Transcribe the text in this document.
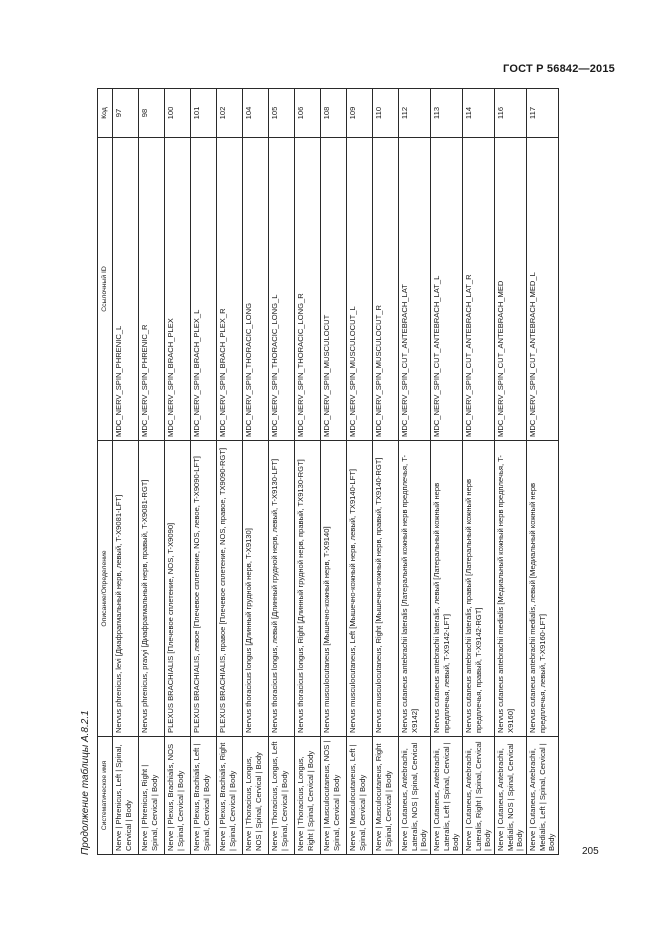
ГОСТ Р 56842—2015
Продолжение таблицы А.8.2.1	Систематическое имя	Описание/Определение	Ссылочный ID	Код
Nerve | Phrenicus, Left | Spinal, Cervical | Body	Nervus phrenicus, levi [Диафрагмальный нерв, левый, T-X9081-LFT]	MDC_NERV_SPIN_PHRENIC_L	97
Nerve | Phrenicus, Right | Spinal, Cervical | Body	Nervus phrenicus, pravyi [Диафрагмальный нерв, правый, T-X9081-RGT]	MDC_NERV_SPIN_PHRENIC_R	98
Nerve | Plexus, Brachialis, NOS | Spinal, Cervical | Body	PLEXUS BRACHIALIS [Плечевое сплетение, NOS, T-X9090]	MDC_NERV_SPIN_BRACH_PLEX	100
Nerve | Plexus, Brachialis, Left | Spinal, Cervical | Body	PLEXUS BRACHIALIS, левое [Плечевое сплетение, NOS, левое, T-X9090-LFT]	MDC_NERV_SPIN_BRACH_PLEX_L	101
Nerve | Plexus, Brachialis, Right | Spinal, Cervical | Body	PLEXUS BRACHIALIS, правое [Плечевое сплетение, NOS, правое, TX9090-RGT]	MDC_NERV_SPIN_BRACH_PLEX_R	102
Nerve | Thoracicus, Longus, NOS | Spinal, Cervical | Body	Nervus thoracicus longus [Длинный грудной нерв, T-X9130]	MDC_NERV_SPIN_THORACIC_LONG	104
Nerve | Thoracicus, Longus, Left | Spinal, Cervical | Body	Nervus thoracicus longus, левый [Длинный грудной нерв, левый, T-X9130-LFT]	MDC_NERV_SPIN_THORACIC_LONG_L	105
Nerve | Thoracicus, Longus, Right | Spinal, Cervical | Body	Nervus thoracicus longus, Right [Длинный грудной нерв, правый, TX9130-RGT]	MDC_NERV_SPIN_THORACIC_LONG_R	106
Nerve | Musculocutaneus, NOS | Spinal, Cervical | Body	Nervus musculocutaneus [Мышечно-кожный нерв, T-X9140]	MDC_NERV_SPIN_MUSCULOCUT	108
Nerve | Musculocutaneus, Left | Spinal, Cervical | Body	Nervus musculocutaneus, Left [Мышечно-кожный нерв, левый, TX9140-LFT]	MDC_NERV_SPIN_MUSCULOCUT_L	109
Nerve | Musculocutaneus, Right | Spinal, Cervical | Body	Nervus musculocutaneus, Right [Мышечно-кожный нерв, правый, TX9140-RGT]	MDC_NERV_SPIN_MUSCULOCUT_R	110
Nerve | Cutaneus, Antebrachii, Lateralis, NOS | Spinal, Cervical | Body	Nervus cutaneus antebrachii lateralis [Латеральный кожный нерв предплечья, T-X9142]	MDC_NERV_SPIN_CUT_ANTEBRACH_LAT	112
Nerve | Cutaneus, Antebrachii, Lateralis, Left | Spinal, Cervical | Body	Nervus cutaneus antebrachii lateralis, левый [Латеральный кожный нерв предплечья, левый, T-X9142-LFT]	MDC_NERV_SPIN_CUT_ANTEBRACH_LAT_L	113
Nerve | Cutaneus, Antebrachii, Lateralis, Right | Spinal, Cervical | Body	Nervus cutaneus antebrachii lateralis, правый [Латеральный кожный нерв предплечья, правый, T-X9142-RGT]	MDC_NERV_SPIN_CUT_ANTEBRACH_LAT_R	114
Nerve | Cutaneus, Antebrachii, Medialis, NOS | Spinal, Cervical | Body	Nervus cutaneus antebrachii medialis [Медиальный кожный нерв предплечья, T-X9160]	MDC_NERV_SPIN_CUT_ANTEBRACH_MED	116
Nerve | Cutaneus, Antebrachii, Medialis, Left | Spinal, Cervical | Body	Nervus cutaneus antebrachii medialis, левый [Медиальный кожный нерв предплечья, левый, T-X9160-LFT]	MDC_NERV_SPIN_CUT_ANTEBRACH_MED_L	117
205
